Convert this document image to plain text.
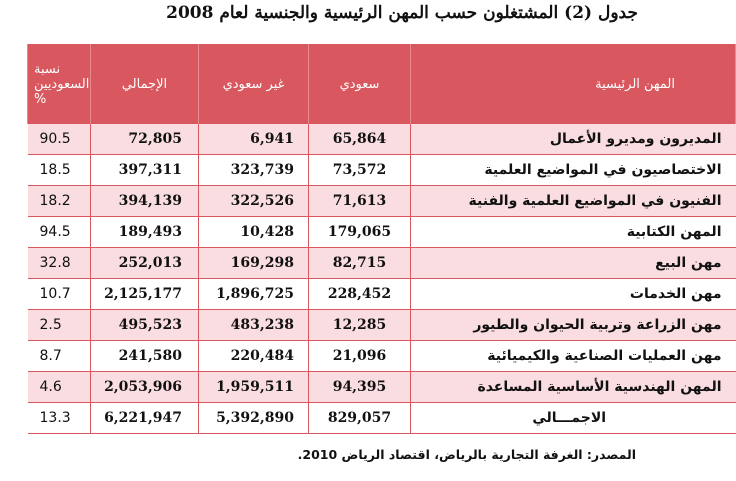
جدول (2) المشتغلون حسب المهن الرئيسية والجنسية لعام 2008
نسبة
السعوديين
%	الإجمالي	غير سعودي	سعودي	المهن الرئيسية
90.5	72,805	6,941	65,864	المديرون ومديرو الأعمال
18.5	397,311	323,739	73,572	الاختصاصيون في المواضيع العلمية
18.2	394,139	322,526	71,613	الفنيون في المواضيع العلمية والفنية
94.5	189,493	10,428	179,065	المهن الكتابية
32.8	252,013	169,298	82,715	مهن البيع
10.7	2,125,177	1,896,725	228,452	مهن الخدمات
2.5	495,523	483,238	12,285	مهن الزراعة وتربية الحيوان والطيور
8.7	241,580	220,484	21,096	مهن العمليات الصناعية والكيميائية
4.6	2,053,906	1,959,511	94,395	المهن الهندسية الأساسية المساعدة
13.3	6,221,947	5,392,890	829,057	الاجمـــالي
المصدر: الغرفة التجارية بالرياض، اقتصاد الرياض 2010.
